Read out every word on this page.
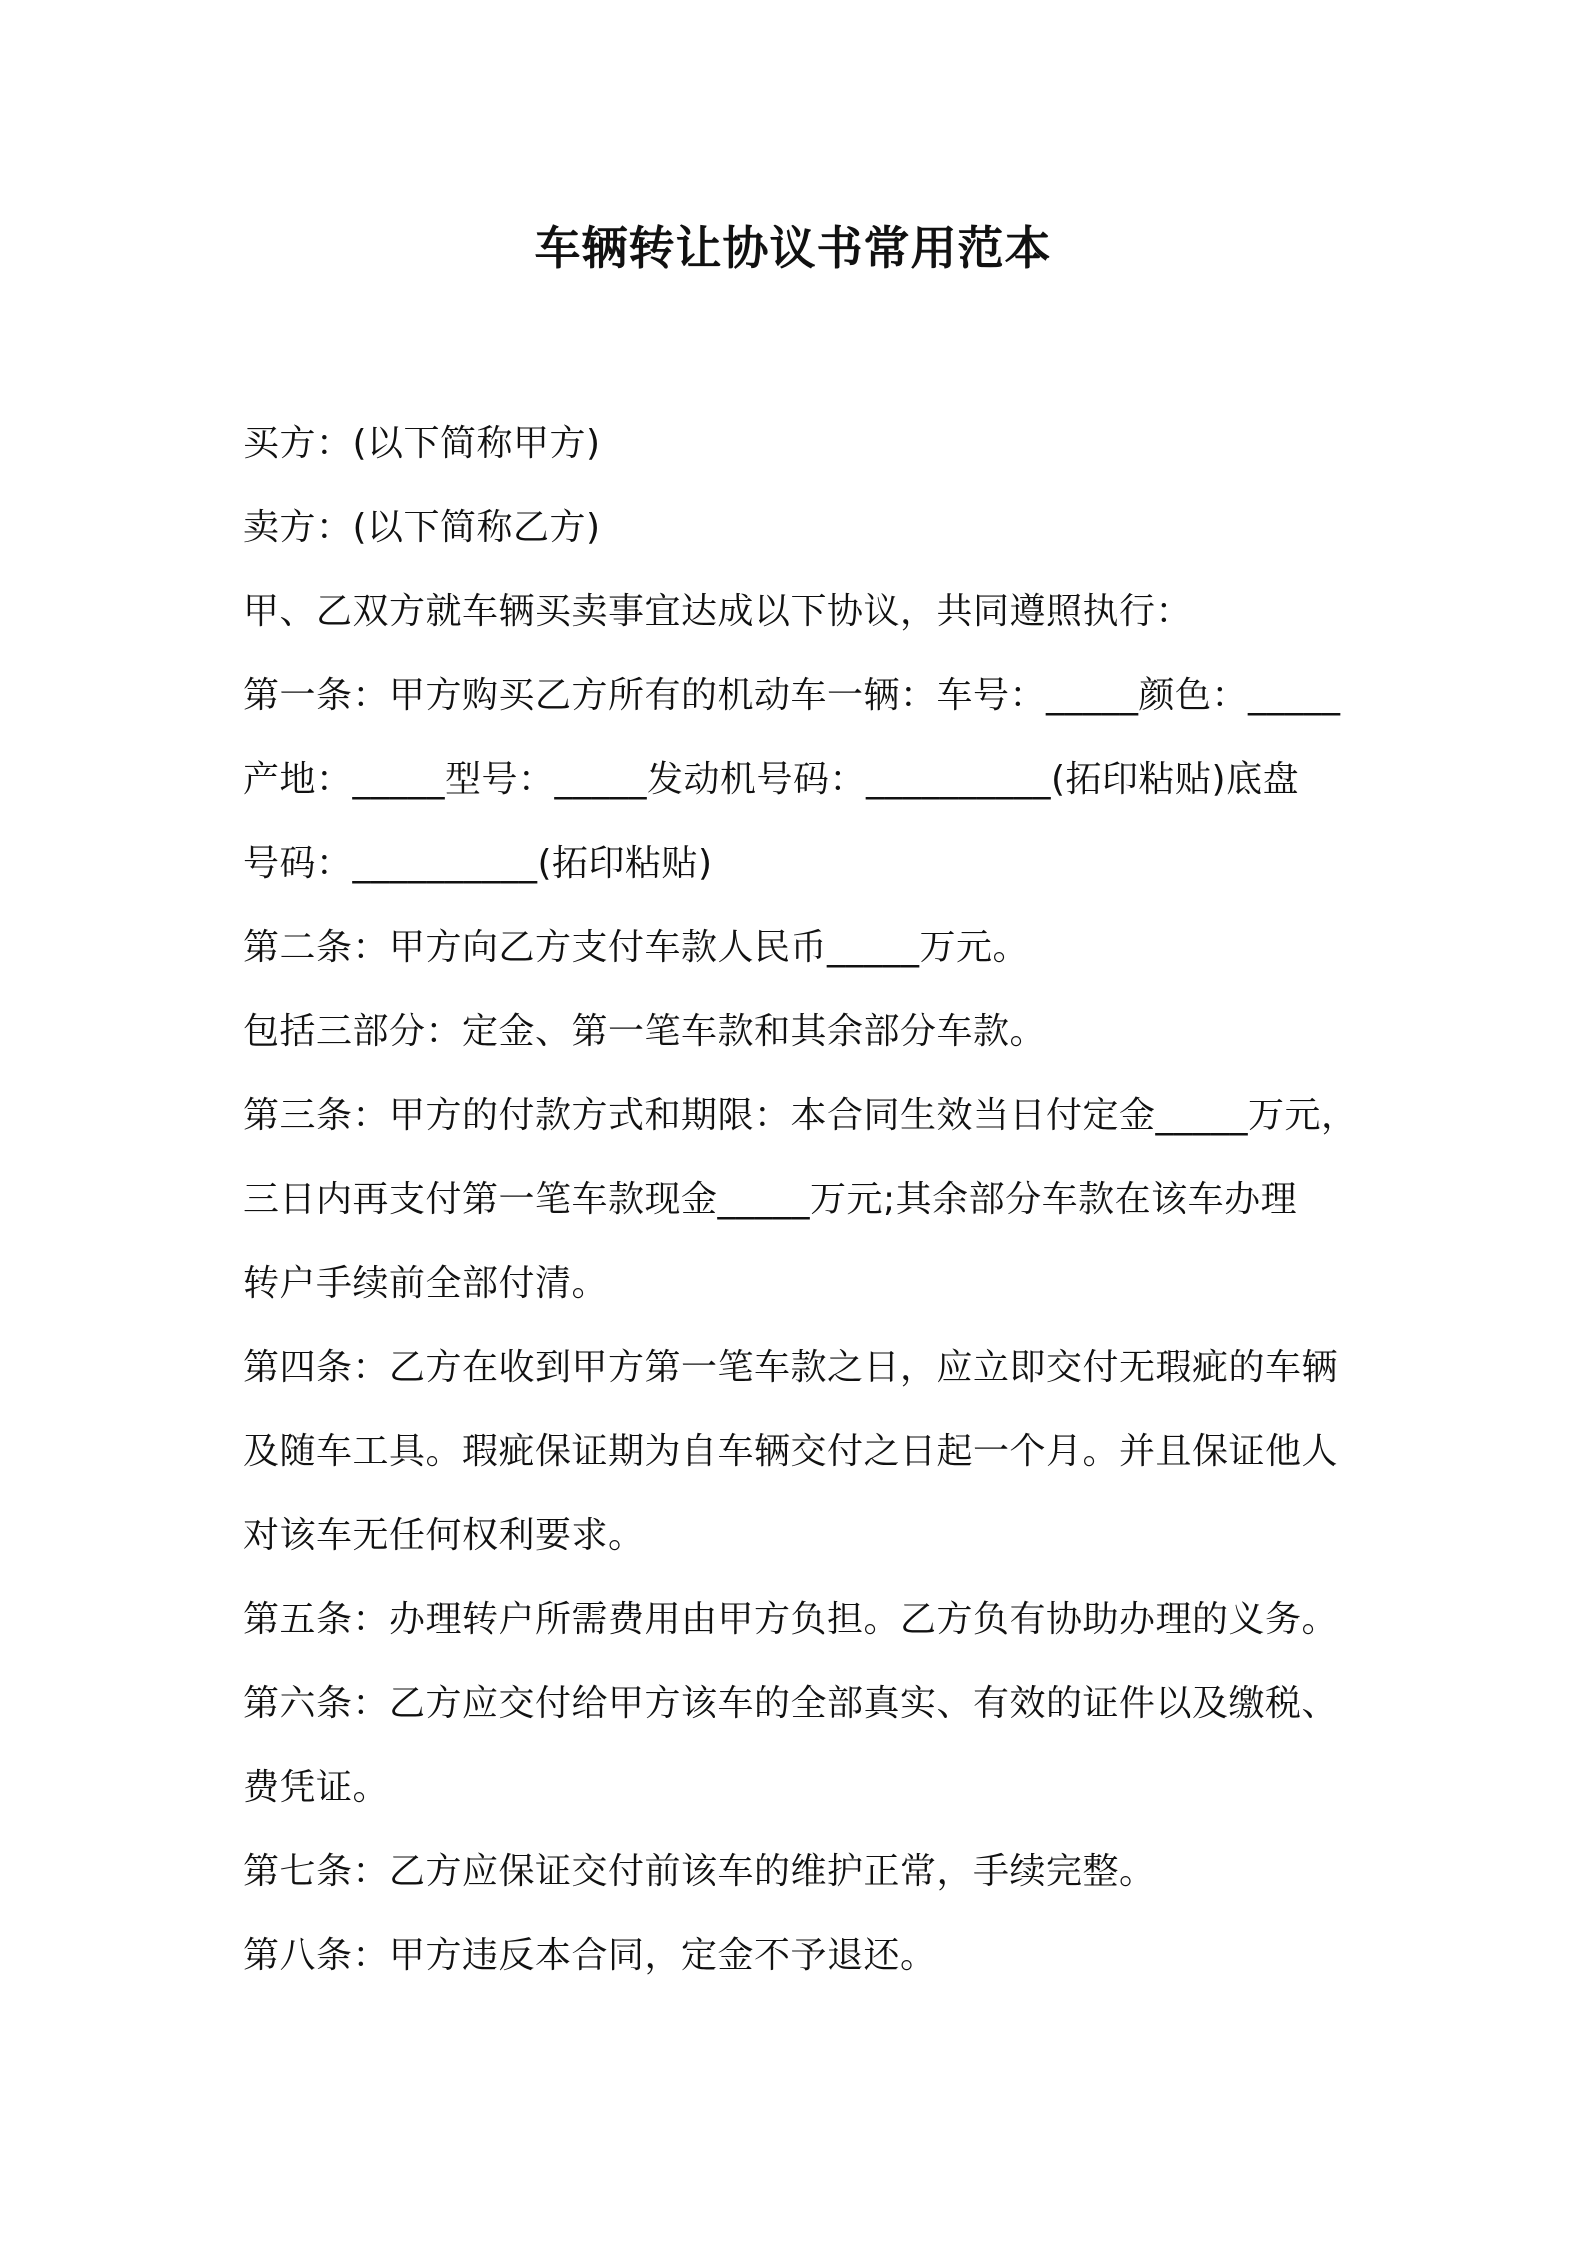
车辆转让协议书常用范本
买方：(以下简称甲方)
卖方：(以下简称乙方)
甲、乙双方就车辆买卖事宜达成以下协议，共同遵照执行：
第一条：甲方购买乙方所有的机动车一辆：车号：_____颜色：_____
产地：_____型号：_____发动机号码：__________(拓印粘贴)底盘
号码：__________(拓印粘贴)
第二条：甲方向乙方支付车款人民币_____万元。
包括三部分：定金、第一笔车款和其余部分车款。
第三条：甲方的付款方式和期限：本合同生效当日付定金_____万元，
三日内再支付第一笔车款现金_____万元;其余部分车款在该车办理
转户手续前全部付清。
第四条：乙方在收到甲方第一笔车款之日，应立即交付无瑕疵的车辆
及随车工具。瑕疵保证期为自车辆交付之日起一个月。并且保证他人
对该车无任何权利要求。
第五条：办理转户所需费用由甲方负担。乙方负有协助办理的义务。
第六条：乙方应交付给甲方该车的全部真实、有效的证件以及缴税、
费凭证。
第七条：乙方应保证交付前该车的维护正常，手续完整。
第八条：甲方违反本合同，定金不予退还。
